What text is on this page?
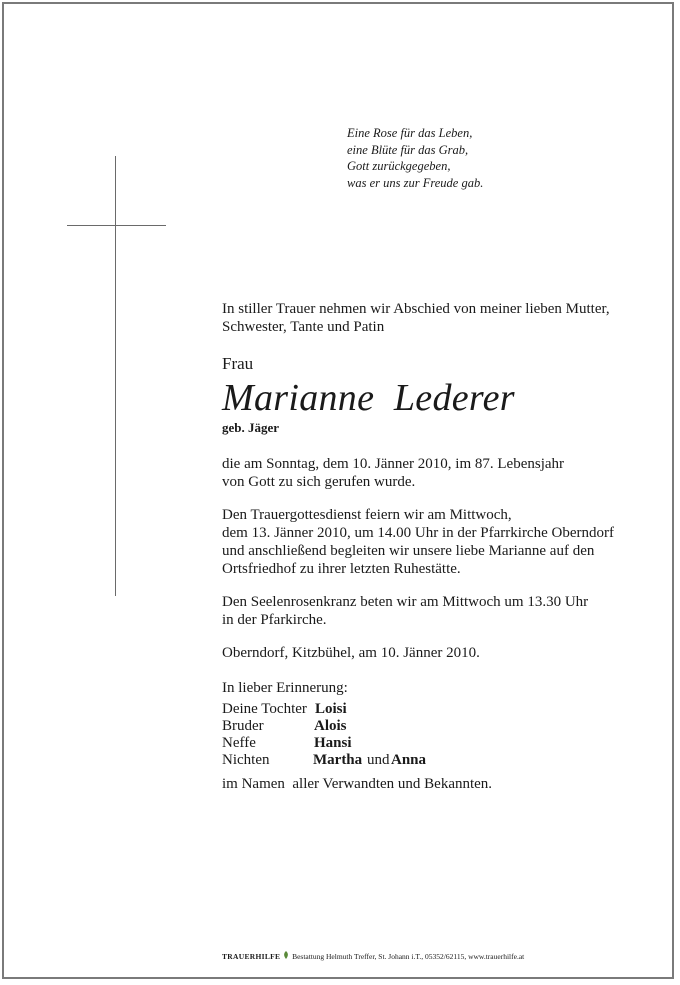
Eine Rose für das Leben,
eine Blüte für das Grab,
Gott zurückgegeben,
was er uns zur Freude gab.
In stiller Trauer nehmen wir Abschied von meiner lieben Mutter,
Schwester, Tante und Patin
Frau
Marianne  Lederer
geb. Jäger
die am Sonntag, dem 10. Jänner 2010, im 87. Lebensjahr
von Gott zu sich gerufen wurde.
Den Trauergottesdienst feiern wir am Mittwoch,
dem 13. Jänner 2010, um 14.00 Uhr in der Pfarrkirche Oberndorf
und anschließend begleiten wir unsere liebe Marianne auf den
Ortsfriedhof zu ihrer letzten Ruhestätte.
Den Seelenrosenkranz beten wir am Mittwoch um 13.30 Uhr
in der Pfarkirche.
Oberndorf, Kitzbühel, am 10. Jänner 2010.
In lieber Erinnerung:
Deine Tochter Loisi
Bruder	Alois
Neffe	Hansi
Nichten	Martha und Anna
im Namen  aller Verwandten und Bekannten.
TRAUERHILFE Bestattung Helmuth Treffer, St. Johann i.T., 05352/62115, www.trauerhilfe.at
